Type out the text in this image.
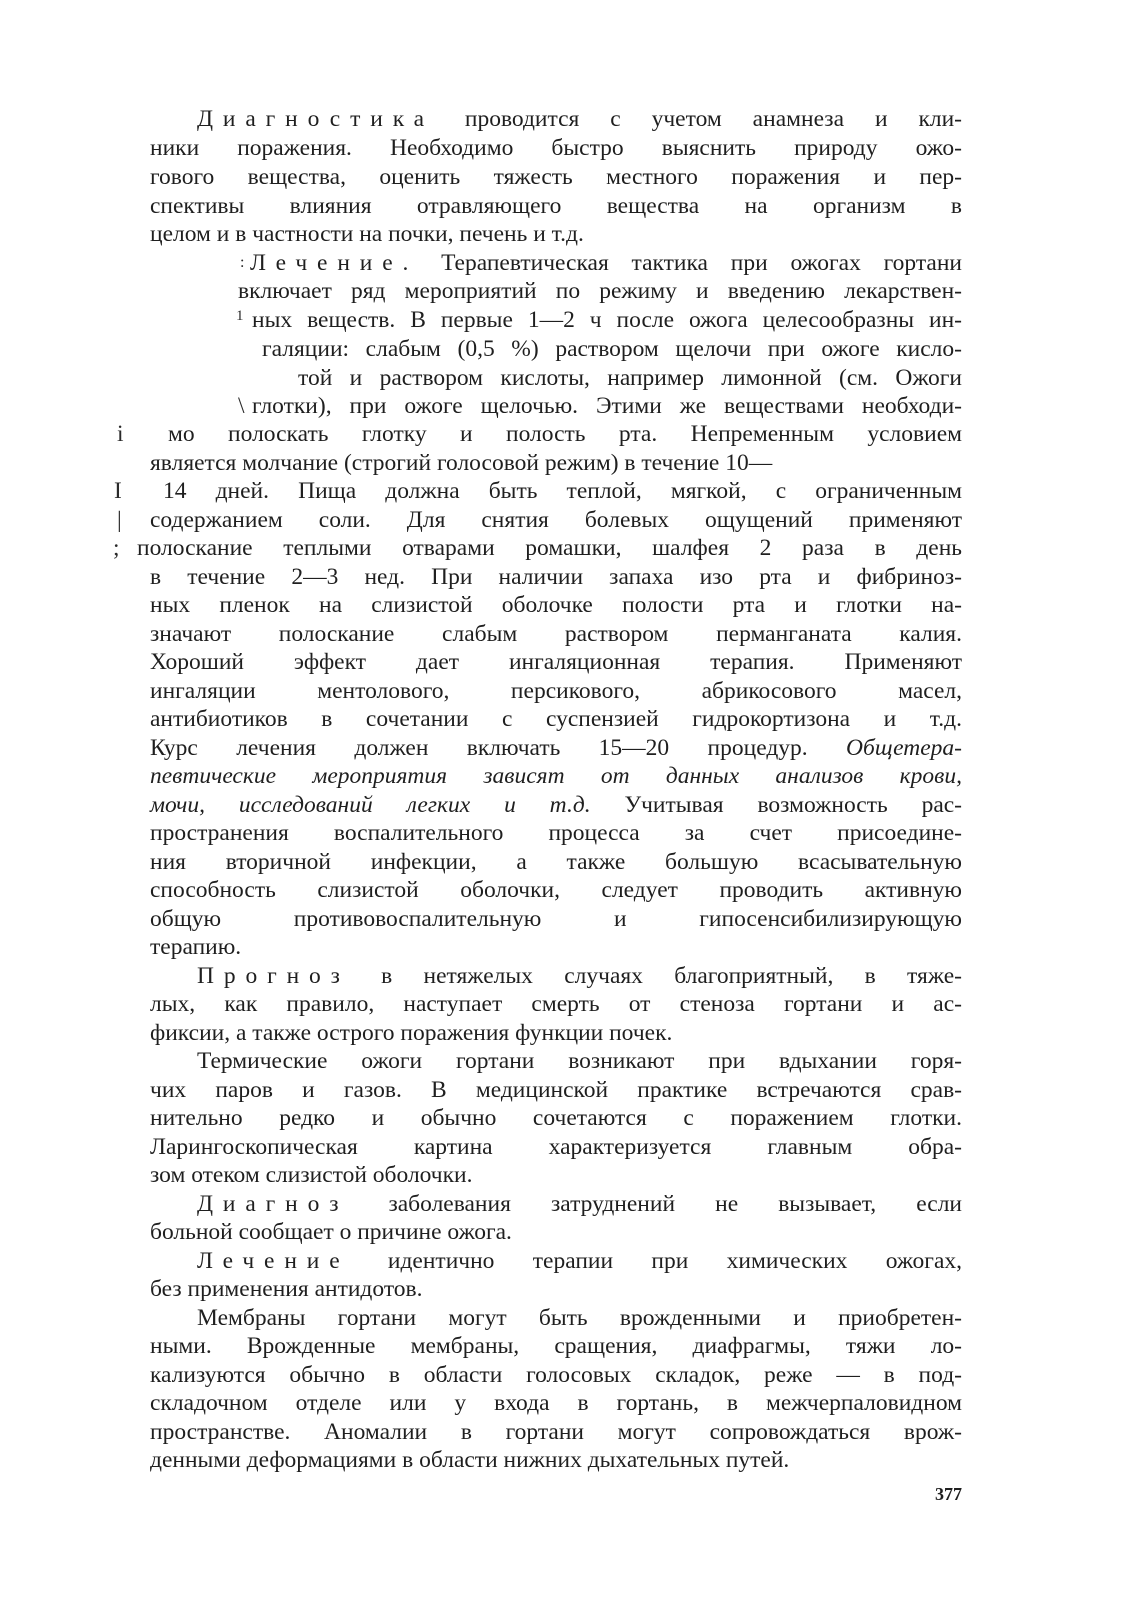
Диагностика проводится с учетом анамнеза и кли-
ники поражения. Необходимо быстро выяснить природу ожо-
гового вещества, оценить тяжесть местного поражения и пер-
спективы влияния отравляющего вещества на организм в
целом и в частности на почки, печень и т.д.
: Лечение. Терапевтическая тактика при ожогах гортани
включает ряд мероприятий по режиму и введению лекарствен-
1 ных веществ. В первые 1—2 ч после ожога целесообразны ин-
галяции: слабым (0,5 %) раствором щелочи при ожоге кисло-
той и раствором кислоты, например лимонной (см. Ожоги
\ глотки), при ожоге щелочью. Этими же веществами необходи-
i мо полоскать глотку и полость рта. Непременным условием
является молчание (строгий голосовой режим) в течение 10—
I 14 дней. Пища должна быть теплой, мягкой, с ограниченным
| содержанием соли. Для снятия болевых ощущений применяют
; полоскание теплыми отварами ромашки, шалфея 2 раза в день
в течение 2—3 нед. При наличии запаха изо рта и фибриноз-
ных пленок на слизистой оболочке полости рта и глотки на-
значают полоскание слабым раствором перманганата калия.
Хороший эффект дает ингаляционная терапия. Применяют
ингаляции ментолового, персикового, абрикосового масел,
антибиотиков в сочетании с суспензией гидрокортизона и т.д.
Курс лечения должен включать 15—20 процедур. Общетера-
певтические мероприятия зависят от данных анализов крови,
мочи, исследований легких и т.д. Учитывая возможность рас-
пространения воспалительного процесса за счет присоедине-
ния вторичной инфекции, а также большую всасывательную
способность слизистой оболочки, следует проводить активную
общую противовоспалительную и гипосенсибилизирующую
терапию.
Прогноз в нетяжелых случаях благоприятный, в тяже-
лых, как правило, наступает смерть от стеноза гортани и ас-
фиксии, а также острого поражения функции почек.
Термические ожоги гортани возникают при вдыхании горя-
чих паров и газов. В медицинской практике встречаются срав-
нительно редко и обычно сочетаются с поражением глотки.
Ларингоскопическая картина характеризуется главным обра-
зом отеком слизистой оболочки.
Диагноз заболевания затруднений не вызывает, если
больной сообщает о причине ожога.
Лечение идентично терапии при химических ожогах,
без применения антидотов.
Мембраны гортани могут быть врожденными и приобретен-
ными. Врожденные мембраны, сращения, диафрагмы, тяжи ло-
кализуются обычно в области голосовых складок, реже — в под-
складочном отделе или у входа в гортань, в межчерпаловидном
пространстве. Аномалии в гортани могут сопровождаться врож-
денными деформациями в области нижних дыхательных путей.
377
